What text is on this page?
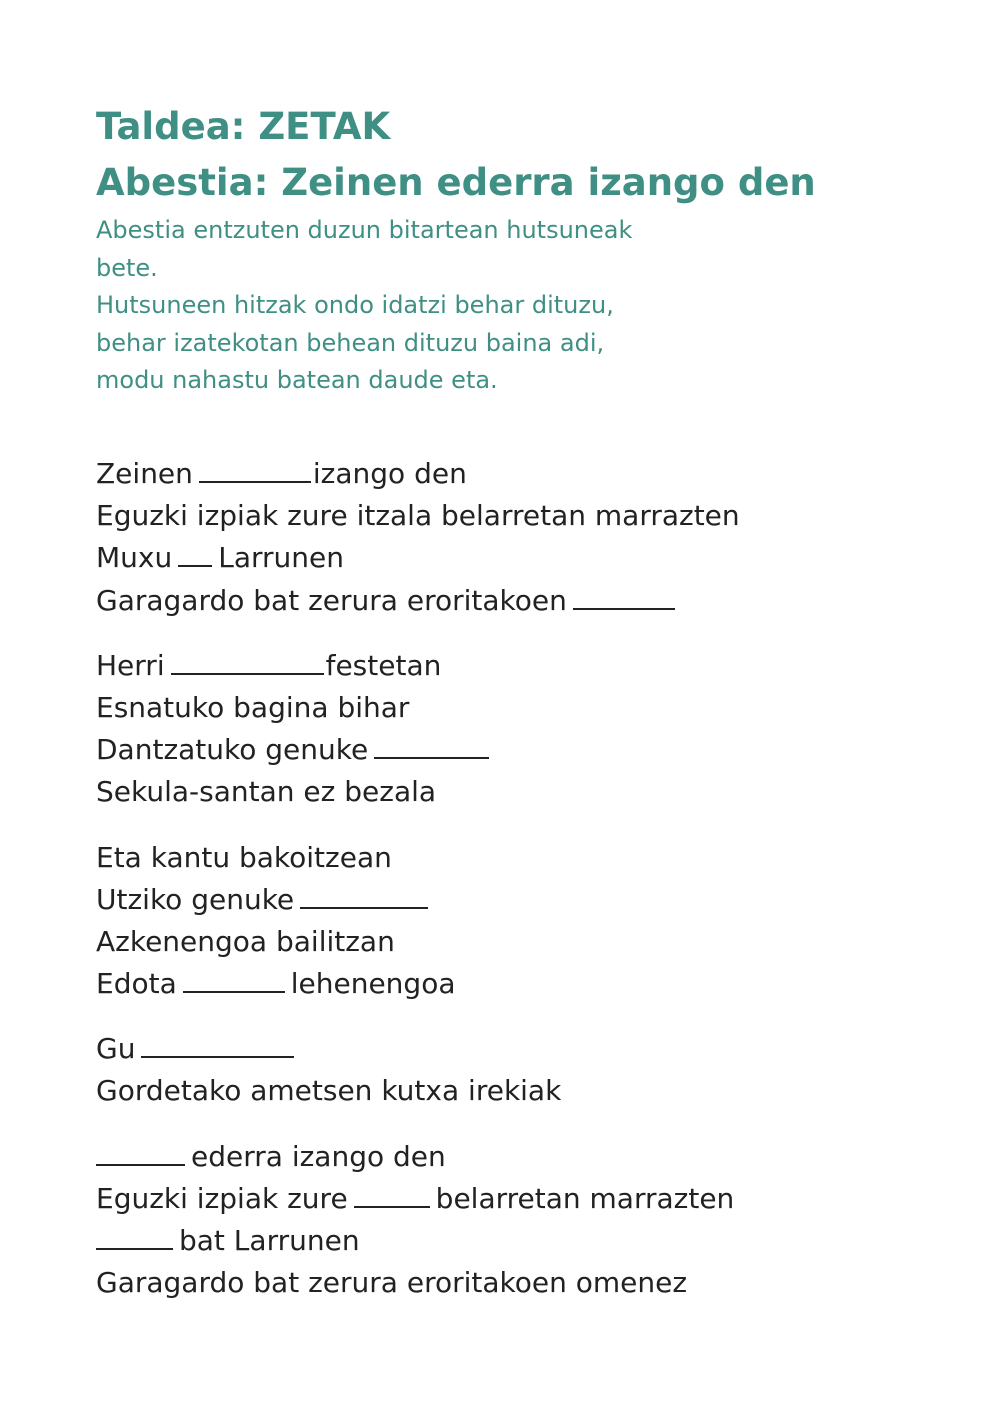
Taldea: ZETAK
Abestia: Zeinen ederra izango den
Abestia entzuten duzun bitartean hutsuneak
bete.
Hutsuneen hitzak ondo idatzi behar dituzu,
behar izatekotan behean dituzu baina adi,
modu nahastu batean daude eta.
Zeinen	izango den
Eguzki izpiak zure itzala belarretan marrazten
Muxu Larrunen
Garagardo bat zerura eroritakoen
Herri	festetan
Esnatuko bagina bihar
Dantzatuko genuke
Sekula-santan ez bezala
Eta kantu bakoitzean
Utziko genuke
Azkenengoa bailitzan
Edota	lehenengoa
Gu
Gordetako ametsen kutxa irekiak
ederra izango den
Eguzki izpiak zure	belarretan marrazten
bat Larrunen
Garagardo bat zerura eroritakoen omenez
